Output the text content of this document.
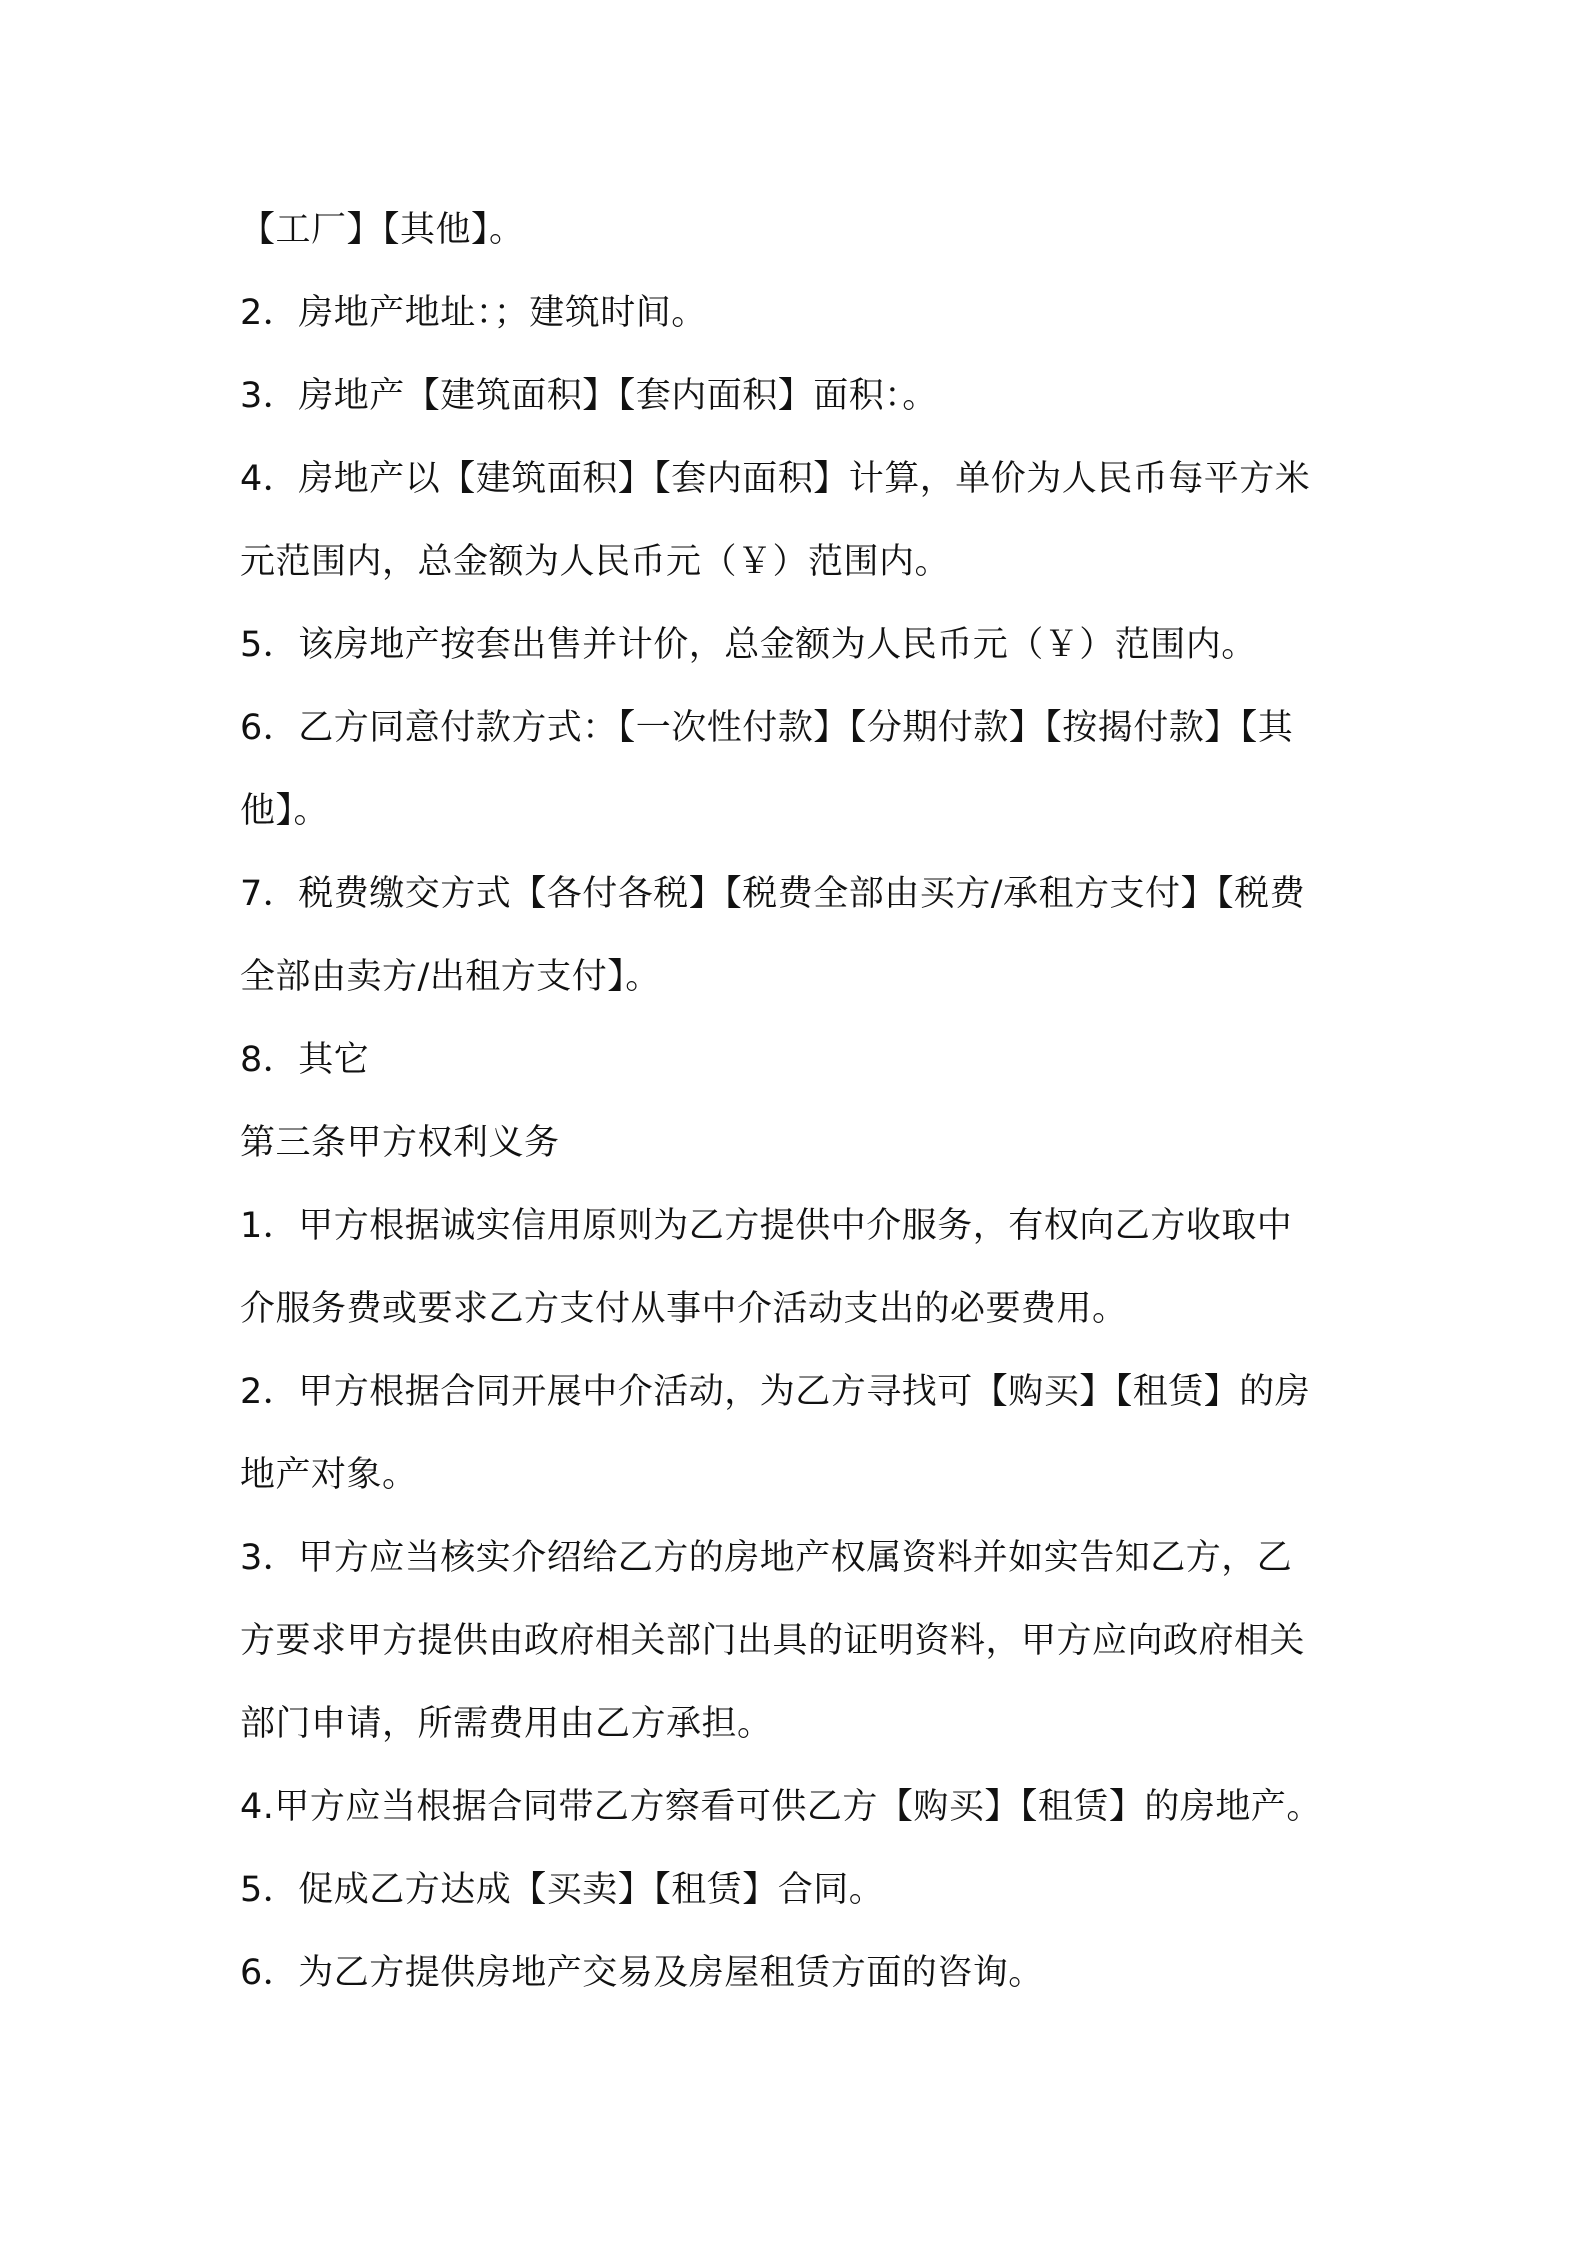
【工厂】【其他】。
2．房地产地址：；建筑时间。
3．房地产【建筑面积】【套内面积】面积：。
4．房地产以【建筑面积】【套内面积】计算，单价为人民币每平方米
元范围内，总金额为人民币元（￥）范围内。
5．该房地产按套出售并计价，总金额为人民币元（￥）范围内。
6．乙方同意付款方式：【一次性付款】【分期付款】【按揭付款】【其
他】。
7．税费缴交方式【各付各税】【税费全部由买方/承租方支付】【税费
全部由卖方/出租方支付】。
8．其它
第三条甲方权利义务
1．甲方根据诚实信用原则为乙方提供中介服务，有权向乙方收取中
介服务费或要求乙方支付从事中介活动支出的必要费用。
2．甲方根据合同开展中介活动，为乙方寻找可【购买】【租赁】的房
地产对象。
3．甲方应当核实介绍给乙方的房地产权属资料并如实告知乙方，乙
方要求甲方提供由政府相关部门出具的证明资料，甲方应向政府相关
部门申请，所需费用由乙方承担。
4.甲方应当根据合同带乙方察看可供乙方【购买】【租赁】的房地产。
5．促成乙方达成【买卖】【租赁】合同。
6．为乙方提供房地产交易及房屋租赁方面的咨询。
